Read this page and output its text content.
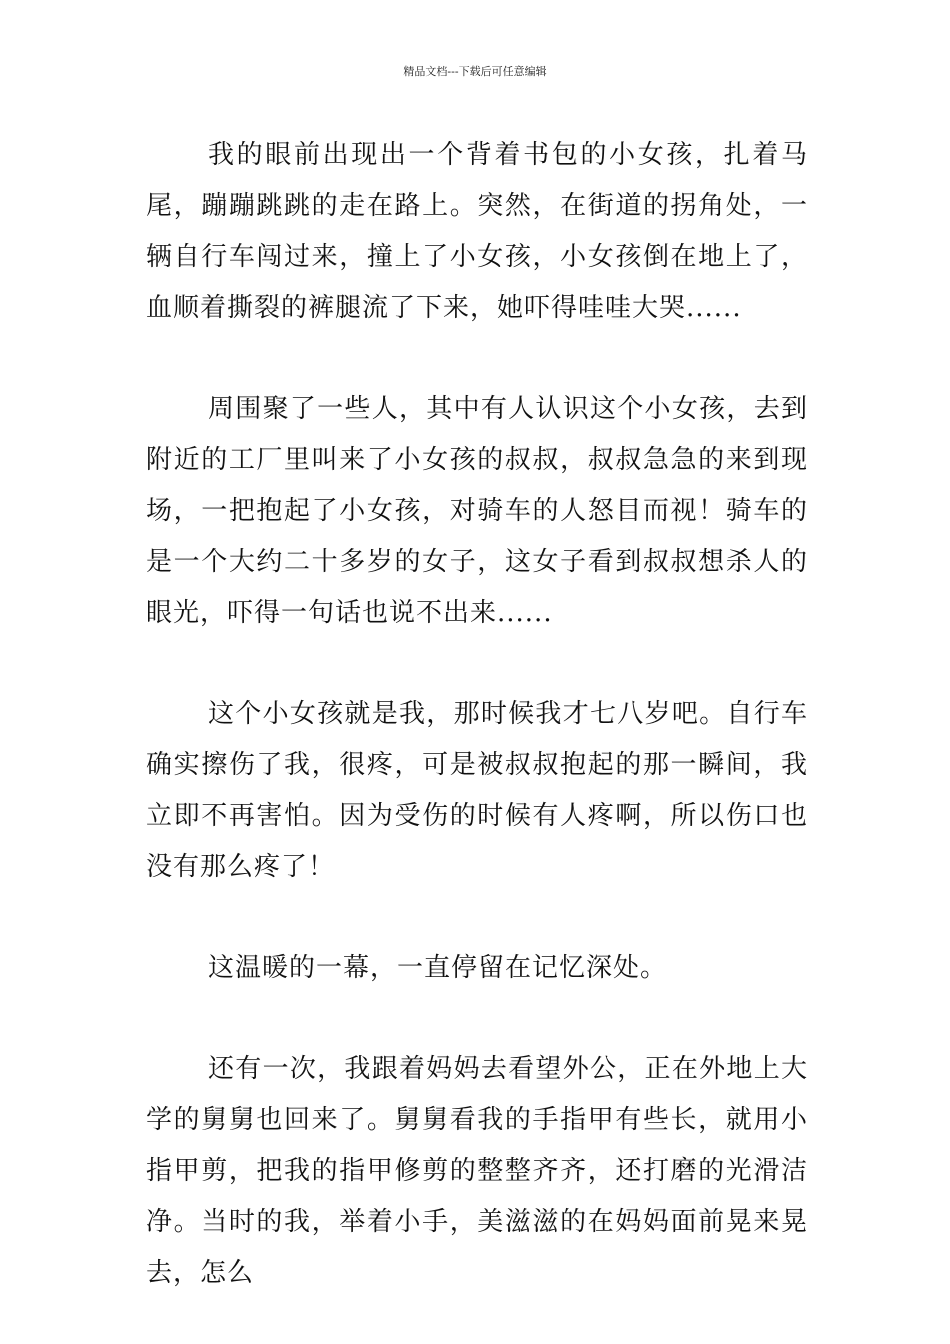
精品文档---下载后可任意编辑

我的眼前出现出一个背着书包的小女孩，扎着马尾，蹦蹦跳跳的走在路上。突然，在街道的拐角处，一辆自行车闯过来，撞上了小女孩，小女孩倒在地上了，血顺着撕裂的裤腿流了下来，她吓得哇哇大哭......

周围聚了一些人，其中有人认识这个小女孩，去到附近的工厂里叫来了小女孩的叔叔，叔叔急急的来到现场，一把抱起了小女孩，对骑车的人怒目而视！骑车的是一个大约二十多岁的女子，这女子看到叔叔想杀人的眼光，吓得一句话也说不出来......

这个小女孩就是我，那时候我才七八岁吧。自行车确实擦伤了我，很疼，可是被叔叔抱起的那一瞬间，我立即不再害怕。因为受伤的时候有人疼啊，所以伤口也没有那么疼了！

这温暖的一幕，一直停留在记忆深处。

还有一次，我跟着妈妈去看望外公，正在外地上大学的舅舅也回来了。舅舅看我的手指甲有些长，就用小指甲剪，把我的指甲修剪的整整齐齐，还打磨的光滑洁净。当时的我，举着小手，美滋滋的在妈妈面前晃来晃去，怎么
